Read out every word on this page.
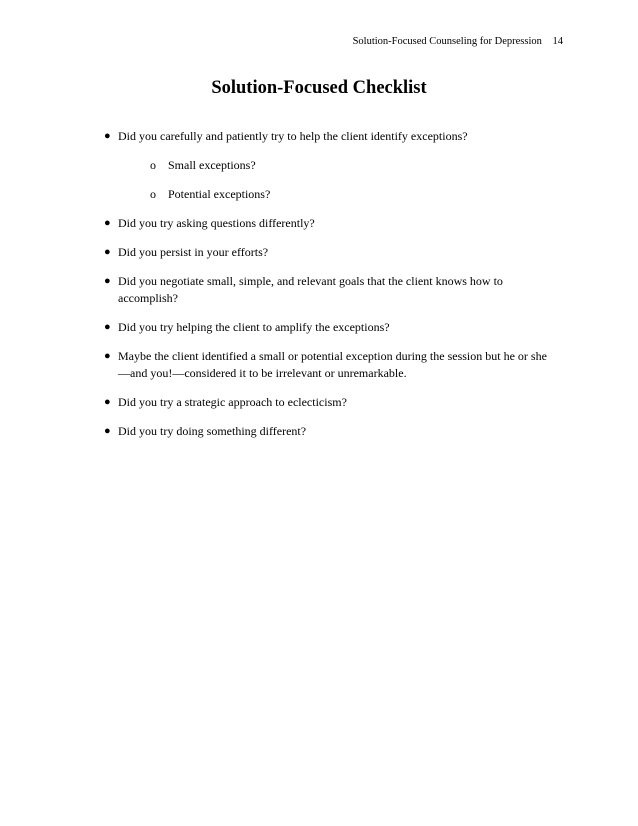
Solution-Focused Counseling for Depression 14
Solution-Focused Checklist
● Did you carefully and patiently try to help the client identify exceptions?
o Small exceptions?
o Potential exceptions?
● Did you try asking questions differently?
● Did you persist in your efforts?
● Did you negotiate small, simple, and relevant goals that the client knows how to accomplish?
● Did you try helping the client to amplify the exceptions?
● Maybe the client identified a small or potential exception during the session but he or she—and you!—considered it to be irrelevant or unremarkable.
● Did you try a strategic approach to eclecticism?
● Did you try doing something different?
